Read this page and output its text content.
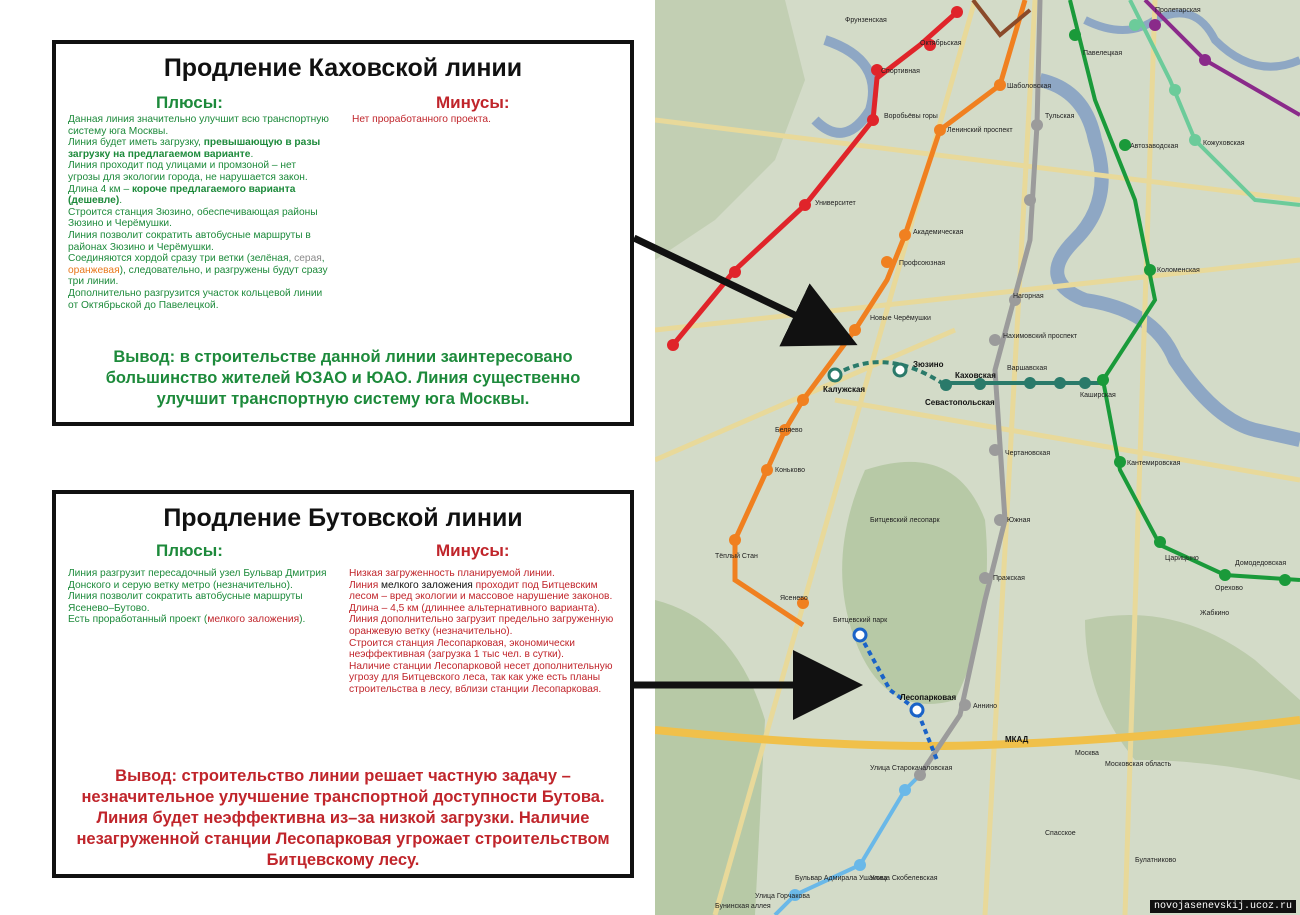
Продление Каховской линии
Плюсы:	Минусы:

Данная линия значительно улучшит всю транспортную систему юга Москвы.

Линия будет иметь загрузку, превышающую в разы загрузку на предлагаемом варианте.

Линия проходит под улицами и промзоной – нет угрозы для экологии города, не нарушается закон.

Длина 4 км – короче предлагаемого варианта (дешевле).

Строится станция Зюзино, обеспечивающая районы Зюзино и Черёмушки.

Линия позволит сократить автобусные маршруты в районах Зюзино и Черёмушки.

Соединяются хордой сразу три ветки (зелёная, серая, оранжевая), следовательно, и разгружены будут сразу три линии.

Дополнительно разгрузится участок кольцевой линии от Октябрьской до Павелецкой.

Нет проработанного проекта.

Вывод: в строительстве данной линии заинтересовано большинство жителей ЮЗАО и ЮАО. Линия существенно улучшит транспортную систему юга Москвы.
Продление Бутовской линии
Плюсы:	Минусы:

Линия разгрузит пересадочный узел Бульвар Дмитрия Донского и серую ветку метро (незначительно).

Линия позволит сократить автобусные маршруты Ясенево–Бутово.

Есть проработанный проект (мелкого заложения).

Низкая загруженность планируемой линии.

Линия мелкого заложения проходит под Битцевским лесом – вред экологии и массовое нарушение законов.

Длина – 4,5 км (длиннее альтернативного варианта).

Линия дополнительно загрузит предельно загруженную оранжевую ветку (незначительно).

Строится станция Лесопарковая, экономически неэффективная (загрузка 1 тыс чел. в сутки).

Наличие станции Лесопарковой несет дополнительную угрозу для Битцевского леса, так как уже есть планы строительства в лесу, вблизи станции Лесопарковая.

Вывод: строительство линии решает частную задачу – незначительное улучшение транспортной доступности Бутова. Линия будет неэффективна из–за низкой загрузки. Наличие незагруженной станции Лесопарковая угрожает строительством Битцевскому лесу.
МКАД
Москва
Московская область
Битцевский лесопарк
Жабкино
Спасское
Булатниково
Фрунзенская
Октябрьская
Спортивная
Шаболовская
Воробьёвы горы
Ленинский проспект
Университет
Академическая
Профсоюзная
Новые Черёмушки
Калужская
Зюзино
Каховская
Севастопольская
Нагорная
Нахимовский проспект
Варшавская
Каширская
Беляево
Коньково
Тёплый Стан
Ясенево
Битцевский парк
Лесопарковая
Аннино
Улица Старокачаловская
Чертановская
Южная
Пражская
Тульская
Павелецкая
Автозаводская
Коломенская
Кантемировская
Царицыно
Орехово
Домодедовская
Пролетарская
Кожуховская
Бульвар Адмирала Ушакова
Улица Горчакова
Бунинская аллея
Улица Скобелевская
novojasenevskij.ucoz.ru
